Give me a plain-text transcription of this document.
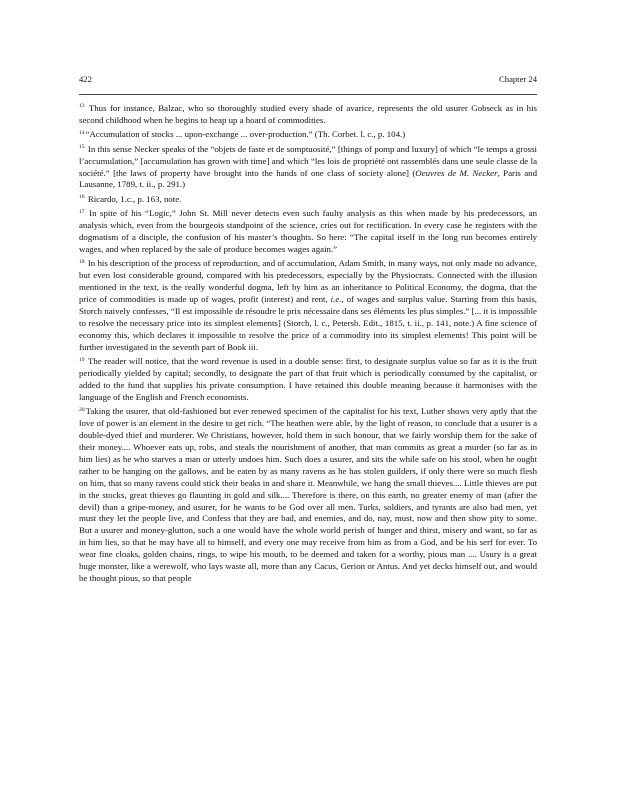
422	Chapter 24

$^{13}$ Thus for instance, Balzac, who so thoroughly studied every shade of avarice, represents the old usurer Gobseck as in his second childhood when he begins to heap up a hoard of commodities.

$^{14}$“Accumulation of stocks ... upon-exchange ... over-production.” (Th. Corbet. l. c., p. 104.)

$^{15}$ In this sense Necker speaks of the “objets de faste et de somptuosité,” [things of pomp and luxury] of which “le temps a grossi l’accumulation,” [accumulation has grown with time] and which “les lois de propriété ont rassemblés dans une seule classe de la société.” [the laws of property have brought into the hands of one class of society alone] (Oeuvres de M. Necker, Paris and Lausanne, 1789, t. ii., p. 291.)

$^{16}$ Ricardo, 1.c., p. 163, note.

$^{17}$ In spite of his “Logic,” John St. Mill never detects even such faulty analysis as this when made by his predecessors, an analysis which, even from the bourgeois standpoint of the science, cries out for rectification. In every case he registers with the dogmatism of a disciple, the confusion of his master’s thoughts. So here: “The capital itself in the long run becomes entirely wages, and when replaced by the sale of produce becomes wages again.”

$^{18}$ In his description of the process of reproduction, and of accumulation, Adam Smith, in many ways, not only made no advance, but even lost considerable ground, compared with his predecessors, especially by the Physiocrats. Connected with the illusion mentioned in the text, is the really wonderful dogma, left by him as an inheritance to Political Economy, the dogma, that the price of commodities is made up of wages, profit (interest) and rent, i.e., of wages and surplus value. Starting from this basis, Storch naively confesses, “Il est impossible de résoudre le prix nécessaire dans ses éléments les plus simples.” [... it is impossible to resolve the necessary price into its simplest elements] (Storch, l. c., Petersb. Edit., 1815, t. ii., p. 141, note.) A fine science of economy this, which declares it impossible to resolve the price of a commodity into its simplest elements! This point will be further investigated in the seventh part of Book iii.

$^{19}$ The reader will notice, that the word revenue is used in a double sense: first, to designate surplus value so far as it is the fruit periodically yielded by capital; secondly, to designate the part of that fruit which is periodically consumed by the capitalist, or added to the fund that supplies his private consumption. I have retained this double meaning because it harmonises with the language of the English and French economists.

$^{20}$Taking the usurer, that old-fashioned but ever renewed specimen of the capitalist for his text, Luther shows very aptly that the love of power is an element in the desire to get rich. “The heathen were able, by the light of reason, to conclude that a usurer is a double-dyed thief and murderer. We Christians, however, hold them in such honour, that we fairly worship them for the sake of their money.... Whoever eats up, robs, and steals the nourishment of another, that man commits as great a murder (so far as in him lies) as he who starves a man or utterly undoes him. Such does a usurer, and sits the while safe on his stool, when he ought rather to be hanging on the gallows, and be eaten by as many ravens as he has stolen guilders, if only there were so much flesh on him, that so many ravens could stick their beaks in and share it. Meanwhile, we hang the small thieves.... Little thieves are put in the stocks, great thieves go flaunting in gold and silk.... Therefore is there, on this earth, no greater enemy of man (after the devil) than a gripe-money, and usurer, for he wants to be God over all men. Turks, soldiers, and tyrants are also bad men, yet must they let the people live, and Confess that they are bad, and enemies, and do, nay, must, now and then show pity to some. But a usurer and money-glutton, such a one would have the whole world perish of hunger and thirst, misery and want, so far as in him lies, so that he may have all to himself, and every one may receive from him as from a God, and be his serf for ever. To wear fine cloaks, golden chains, rings, to wipe his mouth, to be deemed and taken for a worthy, pious man .... Usury is a great huge monster, like a werewolf, who lays waste all, more than any Cacus, Gerion or Antus. And yet decks himself out, and would be thought pious, so that people
